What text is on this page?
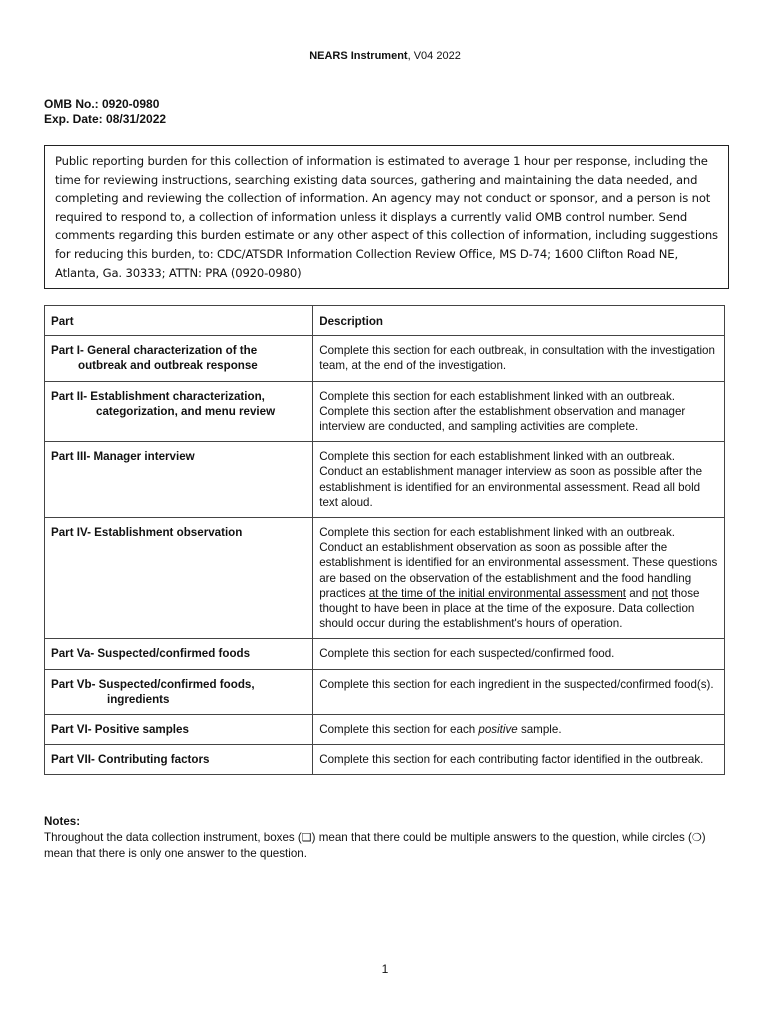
NEARS Instrument, V04 2022
OMB No.: 0920-0980
Exp. Date: 08/31/2022
Public reporting burden for this collection of information is estimated to average 1 hour per response, including the time for reviewing instructions, searching existing data sources, gathering and maintaining the data needed, and completing and reviewing the collection of information. An agency may not conduct or sponsor, and a person is not required to respond to, a collection of information unless it displays a currently valid OMB control number. Send comments regarding this burden estimate or any other aspect of this collection of information, including suggestions for reducing this burden, to: CDC/ATSDR Information Collection Review Office, MS D-74; 1600 Clifton Road NE, Atlanta, Ga. 30333; ATTN: PRA (0920-0980)
Part	Description
Part I- General characterization of the
outbreak and outbreak response	Complete this section for each outbreak, in consultation with the investigation team, at the end of the investigation.
Part II- Establishment characterization,
categorization, and menu review	Complete this section for each establishment linked with an outbreak. Complete this section after the establishment observation and manager interview are conducted, and sampling activities are complete.
Part III- Manager interview	Complete this section for each establishment linked with an outbreak. Conduct an establishment manager interview as soon as possible after the establishment is identified for an environmental assessment. Read all bold text aloud.
Part IV- Establishment observation	Complete this section for each establishment linked with an outbreak. Conduct an establishment observation as soon as possible after the establishment is identified for an environmental assessment. These questions are based on the observation of the establishment and the food handling practices at the time of the initial environmental assessment and not those thought to have been in place at the time of the exposure. Data collection should occur during the establishment's hours of operation.
Part Va- Suspected/confirmed foods	Complete this section for each suspected/confirmed food.
Part Vb- Suspected/confirmed foods,
ingredients	Complete this section for each ingredient in the suspected/confirmed food(s).
Part VI- Positive samples	Complete this section for each positive sample.
Part VII- Contributing factors	Complete this section for each contributing factor identified in the outbreak.
Notes:
Throughout the data collection instrument, boxes (❑) mean that there could be multiple answers to the question, while circles (❍) mean that there is only one answer to the question.
1
